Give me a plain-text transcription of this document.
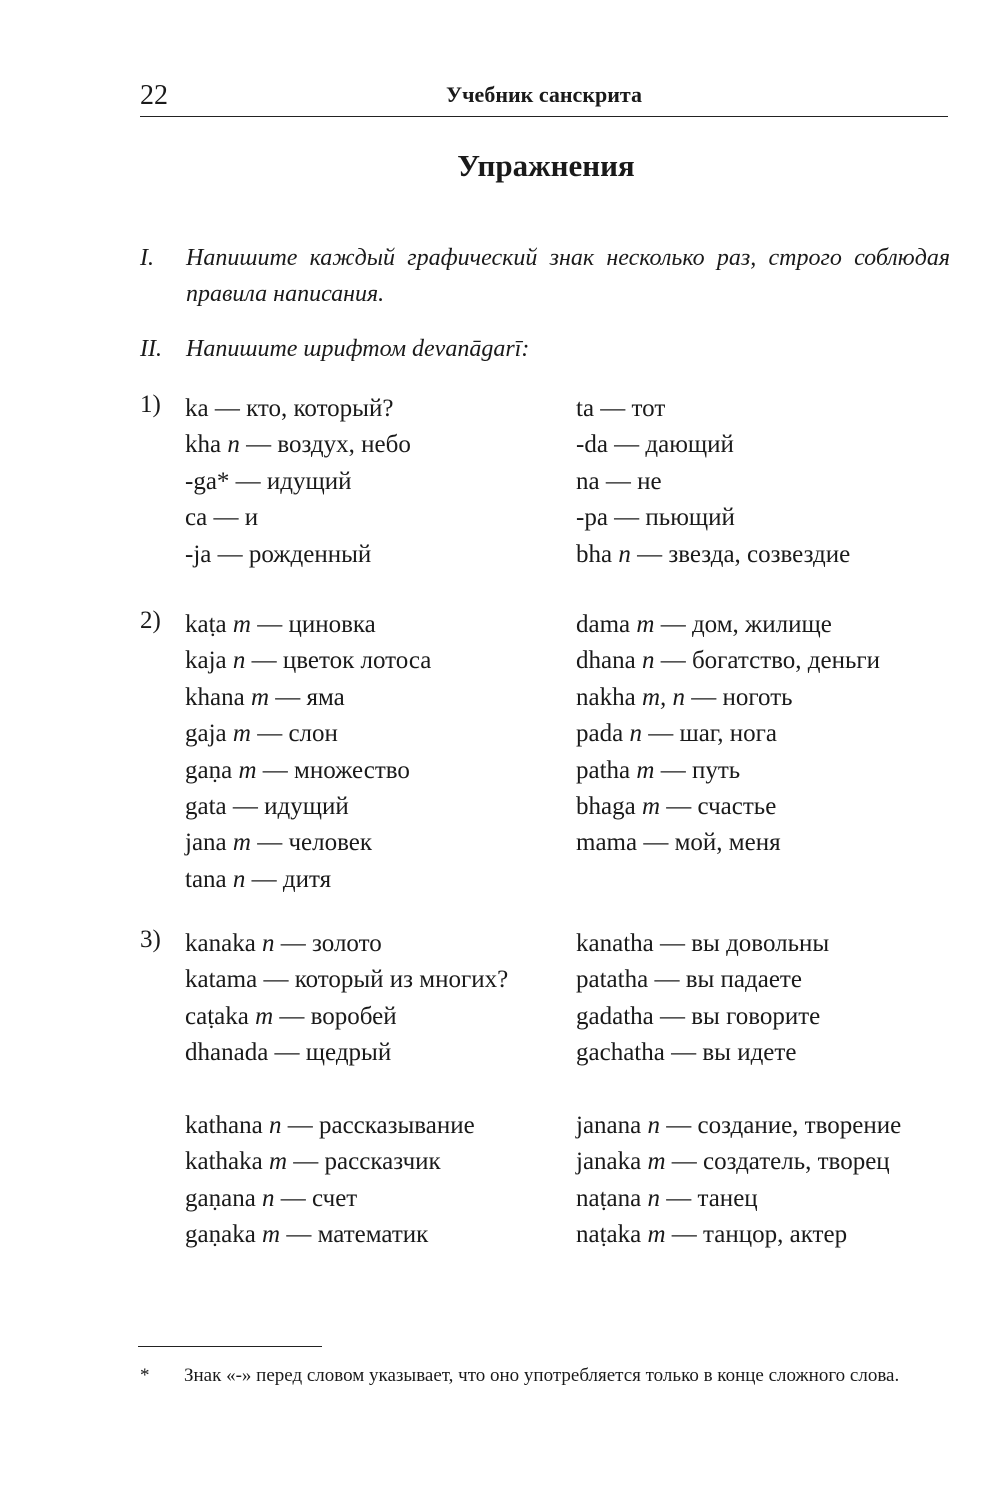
22	Учебник санскрита
Упражнения
I. Напишите каждый графический знак несколько раз, строго соблюдая правила написания.
II. Напишите шрифтом devanāgarī:
1) ka — кто, который?
kha n — воздух, небо
-ga* — идущий
ca — и
-ja — рожденный
ta — тот
-da — дающий
na — не
-pa — пьющий
bha n — звезда, созвездие
2) kaṭa m — циновка
kaja n — цветок лотоса
khana m — яма
gaja m — слон
gaṇa m — множество
gata — идущий
jana m — человек
tana n — дитя
dama m — дом, жилище
dhana n — богатство, деньги
nakha m, n — ноготь
pada n — шаг, нога
patha m — путь
bhaga m — счастье
mama — мой, меня
3) kanaka n — золото
katama — который из многих?
caṭaka m — воробей
dhanada — щедрый
kanatha — вы довольны
patatha — вы падаете
gadatha — вы говорите
gachatha — вы идете
kathana n — рассказывание
kathaka m — рассказчик
gaṇana n — счет
gaṇaka m — математик
janana n — создание, творение
janaka m — создатель, творец
naṭana n — танец
naṭaka m — танцор, актер
* Знак «-» перед словом указывает, что оно употребляется только в конце сложного слова.
